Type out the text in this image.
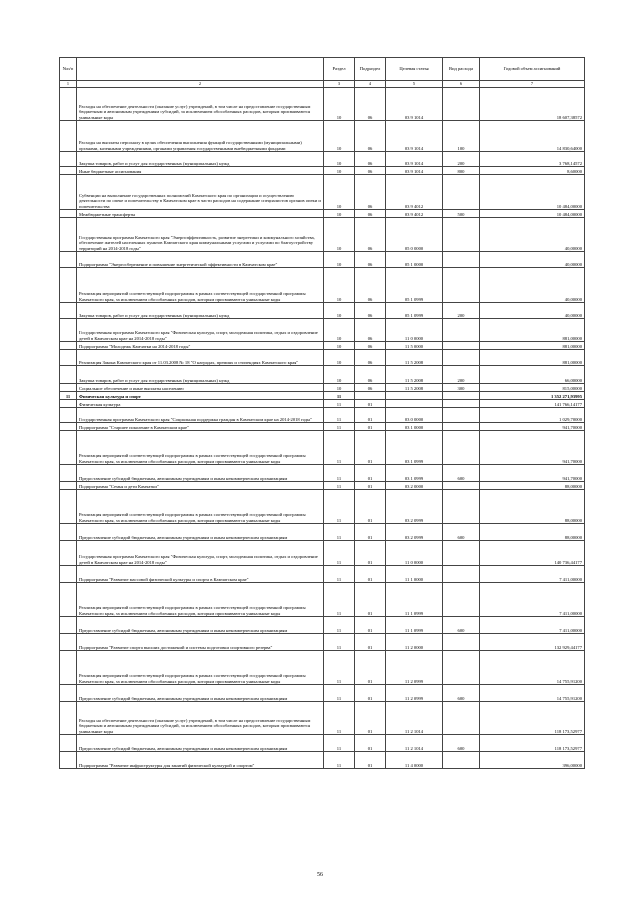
№п/п		Раздел	Подраздел	Целевая статья	Вид расхода	Годовой объем ассигнований
1	2	3	4	5	6	7
	Расходы на обеспечение деятельности (оказание услуг) учреждений, в том числе на предоставление государственным бюджетным и автономным учреждениям субсидий, за исключением обособленных расходов, которым присваиваются уникальные коды	10	06	03 9 1014		18 607,38572
	Расходы на выплаты персоналу в целях обеспечения выполнения функций государственными (муниципальными) органами, казенными учреждениями, органами управления государственными внебюджетными фондами	10	06	03 9 1014	100	14 830,64000
	Закупка товаров, работ и услуг для государственных (муниципальных) нужд	10	06	03 9 1014	200	3 768,14572
	Иные бюджетные ассигнования	10	06	03 9 1014	800	8,60000
	Субвенции на выполнение государственных полномочий Камчатского края по организации и осуществлению деятельности по опеке и попечительству в Камчатском крае в части расходов на содержание специалистов органов опеки и попечительства	10	06	03 9 4012		10 484,00000
	Межбюджетные трансферты	10	06	03 9 4012	500	10 484,00000
	Государственная программа Камчатского края "Энергоэффективность, развитие энергетики и коммунального хозяйства, обеспечение жителей населенных пунктов Камчатского края коммунальными услугами и услугами по благоустройству территорий на 2014-2018 годы"	10	06	05 0 0000		40,00000
	Подпрограмма "Энергосбережение и повышение энергетической эффективности в Камчатском крае"	10	06	05 1 0000		40,00000
	Реализация мероприятий соответствующей подпрограммы в рамках соответствующей государственной программы Камчатского края, за исключением обособленных расходов, которым присваиваются уникальные коды	10	06	05 1 0999		40,00000
	Закупка товаров, работ и услуг для государственных (муниципальных) нужд	10	06	05 1 0999	200	40,00000
	Государственная программа Камчатского края "Физическая культура, спорт, молодежная политика, отдых и оздоровление детей в Камчатском крае на 2014-2018 годы"	10	06	11 0 0000		881,00000
	Подпрограмма "Молодежь Камчатки на 2014-2018 годы"	10	06	11 5 0000		881,00000
	Реализация Закона Камчатского края от 11.03.2008 № 18 "О наградах, премиях и стипендиях Камчатского края"	10	06	11 5 2008		881,00000
	Закупка товаров, работ и услуг для государственных (муниципальных) нужд	10	06	11 5 2008	200	66,00000
	Социальное обеспечение и иные выплаты населению	10	06	11 5 2008	300	815,00000
11	Физическая культура и спорт	11				1 352 271,93995
	Физическая культура	11	01			141 766,14177
	Государственная программа Камчатского края "Социальная поддержка граждан в Камчатском крае на 2014-2018 годы"	11	01	03 0 0000		1 029,70000
	Подпрограмма "Старшее поколение в Камчатском крае"	11	01	03 1 0000		941,70000
	Реализация мероприятий соответствующей подпрограммы в рамках соответствующей государственной программы Камчатского края, за исключением обособленных расходов, которым присваиваются уникальные коды	11	01	03 1 0999		941,70000
	Предоставление субсидий бюджетным, автономным учреждениям и иным некоммерческим организациям	11	01	03 1 0999	600	941,70000
	Подпрограмма "Семья и дети Камчатки"	11	01	03 2 0000		88,00000
	Реализация мероприятий соответствующей подпрограммы в рамках соответствующей государственной программы Камчатского края, за исключением обособленных расходов, которым присваиваются уникальные коды	11	01	03 2 0999		88,00000
	Предоставление субсидий бюджетным, автономным учреждениям и иным некоммерческим организациям	11	01	03 2 0999	600	88,00000
	Государственная программа Камчатского края "Физическая культура, спорт, молодежная политика, отдых и оздоровление детей в Камчатском крае на 2014-2018 годы"	11	01	11 0 0000		140 736,44177
	Подпрограмма "Развитие массовой физической культуры и спорта в Камчатском крае"	11	01	11 1 0000		7 411,00000
	Реализация мероприятий соответствующей подпрограммы в рамках соответствующей государственной программы Камчатского края, за исключением обособленных расходов, которым присваиваются уникальные коды	11	01	11 1 0999		7 411,00000
	Предоставление субсидий бюджетным, автономным учреждениям и иным некоммерческим организациям	11	01	11 1 0999	600	7 411,00000
	Подпрограмма "Развитие спорта высших достижений и системы подготовки спортивного резерва"	11	01	11 2 0000		132 929,44177
	Реализация мероприятий соответствующей подпрограммы в рамках соответствующей государственной программы Камчатского края, за исключением обособленных расходов, которым присваиваются уникальные коды	11	01	11 2 0999		14 755,91200
	Предоставление субсидий бюджетным, автономным учреждениям и иным некоммерческим организациям	11	01	11 2 0999	600	14 755,91200
	Расходы на обеспечение деятельности (оказание услуг) учреждений, в том числе на предоставление государственным бюджетным и автономным учреждениям субсидий, за исключением обособленных расходов, которым присваиваются уникальные коды	11	01	11 2 1014		118 173,52977
	Предоставление субсидий бюджетным, автономным учреждениям и иным некоммерческим организациям	11	01	11 2 1014	600	118 173,52977
	Подпрограмма "Развитие инфраструктуры для занятий физической культурой и спортом"	11	01	11 4 0000		396,00000
56
